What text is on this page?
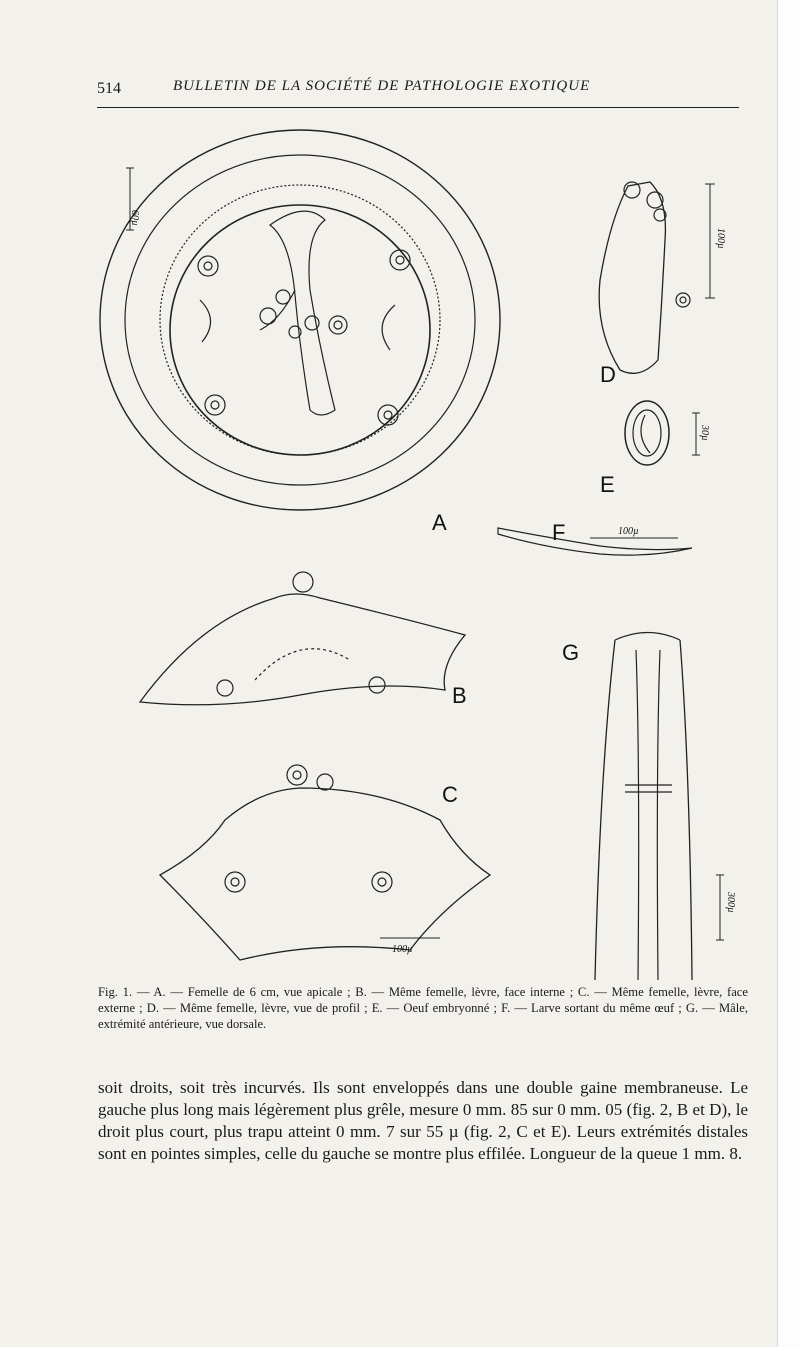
514	BULLETIN DE LA SOCIÉTÉ DE PATHOLOGIE EXOTIQUE
A
B
C
D
E
F
G
60µ
100µ
30µ
100µ
100µ
300µ
Fig. 1. — A. — Femelle de 6 cm, vue apicale ; B. — Même femelle, lèvre, face interne ; C. — Même femelle, lèvre, face externe ; D. — Même femelle, lèvre, vue de profil ; E. — Oeuf embryonné ; F. — Larve sortant du même œuf ; G. — Mâle, extrémité antérieure, vue dorsale.
soit droits, soit très incurvés. Ils sont enveloppés dans une double gaine membraneuse. Le gauche plus long mais légèrement plus grêle, mesure 0 mm. 85 sur 0 mm. 05 (fig. 2, B et D), le droit plus court, plus trapu atteint 0 mm. 7 sur 55 µ (fig. 2, C et E). Leurs extrémités distales sont en pointes simples, celle du gauche se montre plus effilée. Longueur de la queue 1 mm. 8.
